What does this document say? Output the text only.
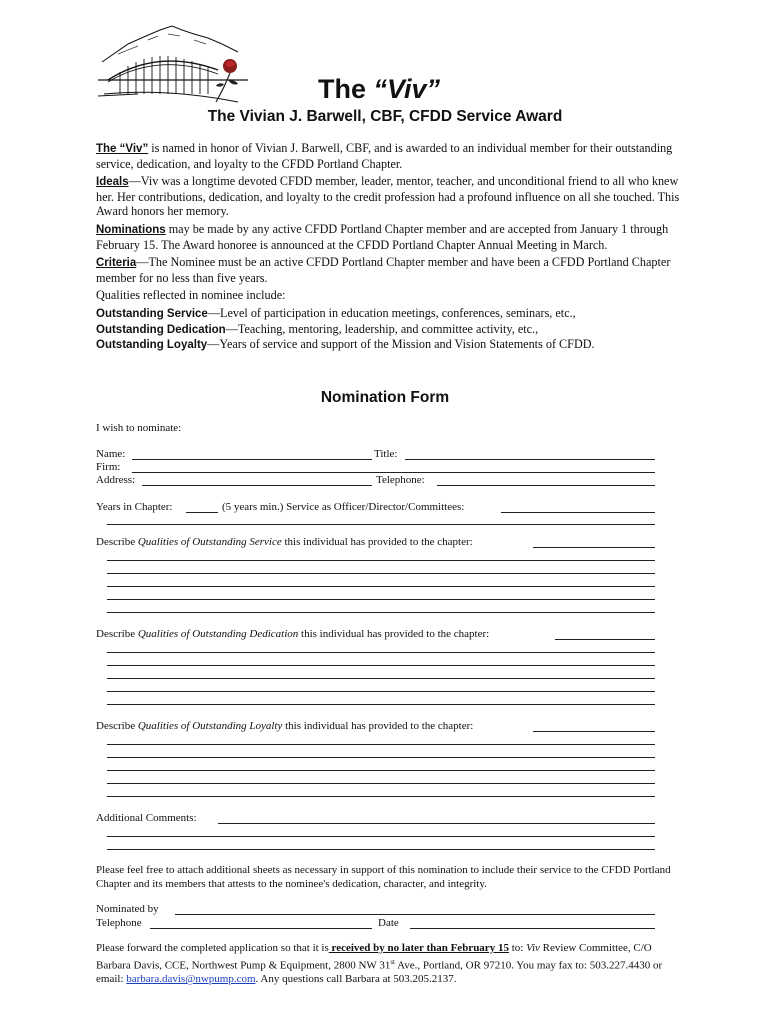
The “Viv”
The Vivian J. Barwell, CBF, CFDD Service Award

The “Viv” is named in honor of Vivian J. Barwell, CBF, and is awarded to an individual member for their outstanding service, dedication, and loyalty to the CFDD Portland Chapter.

Ideals—Viv was a longtime devoted CFDD member, leader, mentor, teacher, and unconditional friend to all who knew her. Her contributions, dedication, and loyalty to the credit profession had a profound influence on all she touched. This Award honors her memory.

Nominations may be made by any active CFDD Portland Chapter member and are accepted from January 1 through February 15. The Award honoree is announced at the CFDD Portland Chapter Annual Meeting in March.

Criteria—The Nominee must be an active CFDD Portland Chapter member and have been a CFDD Portland Chapter member for no less than five years.

Qualities reflected in nominee include:

Outstanding Service—Level of participation in education meetings, conferences, seminars, etc.,

Outstanding Dedication—Teaching, mentoring, leadership, and committee activity, etc.,

Outstanding Loyalty—Years of service and support of the Mission and Vision Statements of CFDD.

Nomination Form
I wish to nominate:
Name:	Title:
Firm:
Address:	Telephone:
Years in Chapter:	(5 years min.) Service as Officer/Director/Committees:
Describe Qualities of Outstanding Service this individual has provided to the chapter:
Describe Qualities of Outstanding Dedication this individual has provided to the chapter:
Describe Qualities of Outstanding Loyalty this individual has provided to the chapter:
Additional Comments:
Please feel free to attach additional sheets as necessary in support of this nomination to include their service to the CFDD Portland Chapter and its members that attests to the nominee's dedication, character, and integrity.
Nominated by
Telephone	Date

Please forward the completed application so that it is received by no later than February 15 to: Viv Review Committee, C/O Barbara Davis, CCE, Northwest Pump & Equipment, 2800 NW 31st Ave., Portland, OR 97210. You may fax to: 503.227.4430 or email: barbara.davis@nwpump.com. Any questions call Barbara at 503.205.2137.
